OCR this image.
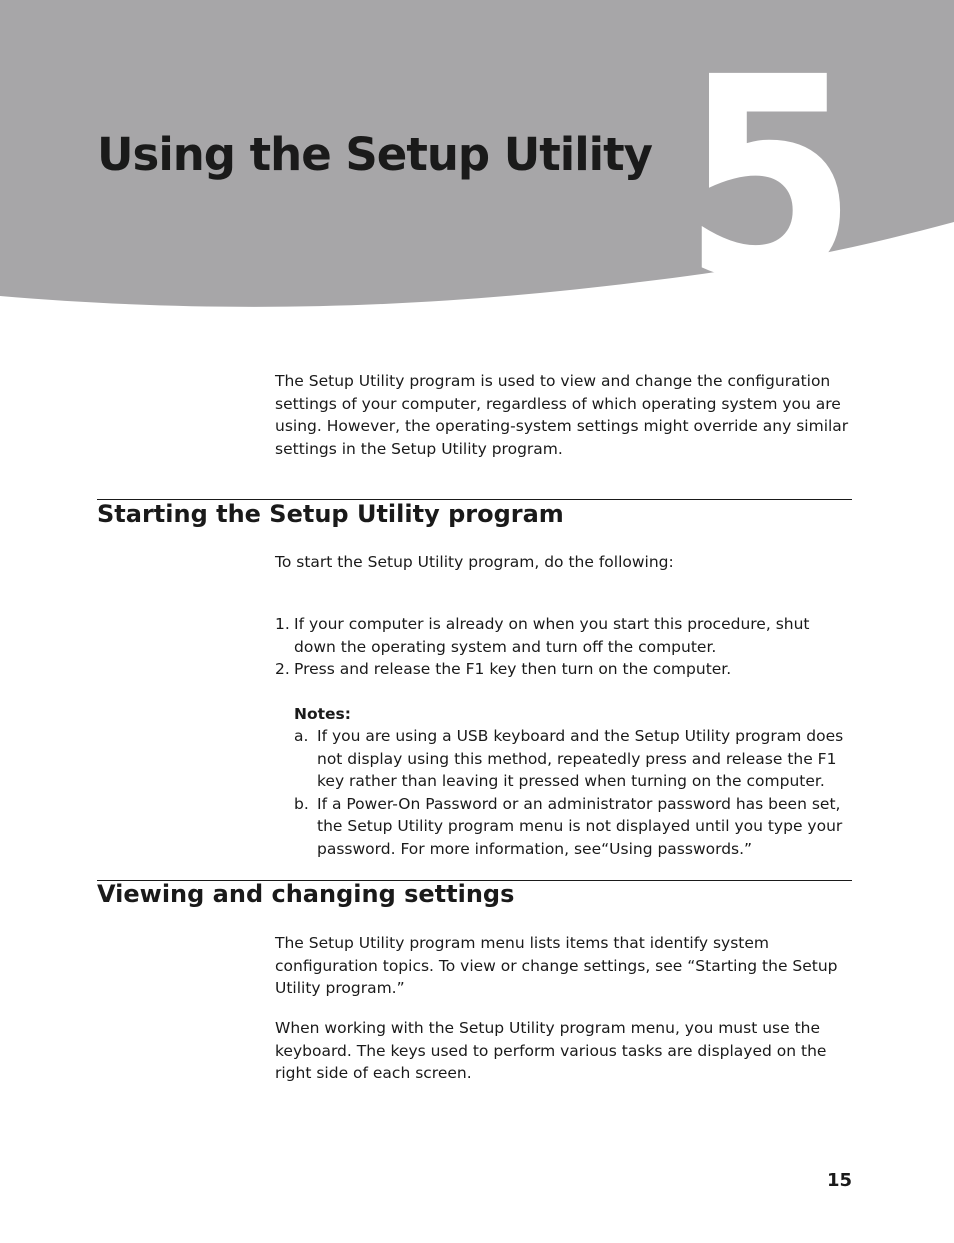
5
Using the Setup Utility

The Setup Utility program is used to view and change the configuration settings of your computer, regardless of which operating system you are using. However, the operating-system settings might override any similar settings in the Setup Utility program.

Starting the Setup Utility program

To start the Setup Utility program, do the following:

1. If your computer is already on when you start this procedure, shut down the operating system and turn off the computer.
2. Press and release the F1 key then turn on the computer.
Notes:
a. If you are using a USB keyboard and the Setup Utility program does not display using this method, repeatedly press and release the F1 key rather than leaving it pressed when turning on the computer.
b. If a Power-On Password or an administrator password has been set, the Setup Utility program menu is not displayed until you type your password. For more information, see“Using passwords.”
Viewing and changing settings

The Setup Utility program menu lists items that identify system configuration topics. To view or change settings, see “Starting the Setup Utility program.”

When working with the Setup Utility program menu, you must use the keyboard. The keys used to perform various tasks are displayed on the right side of each screen.

15
